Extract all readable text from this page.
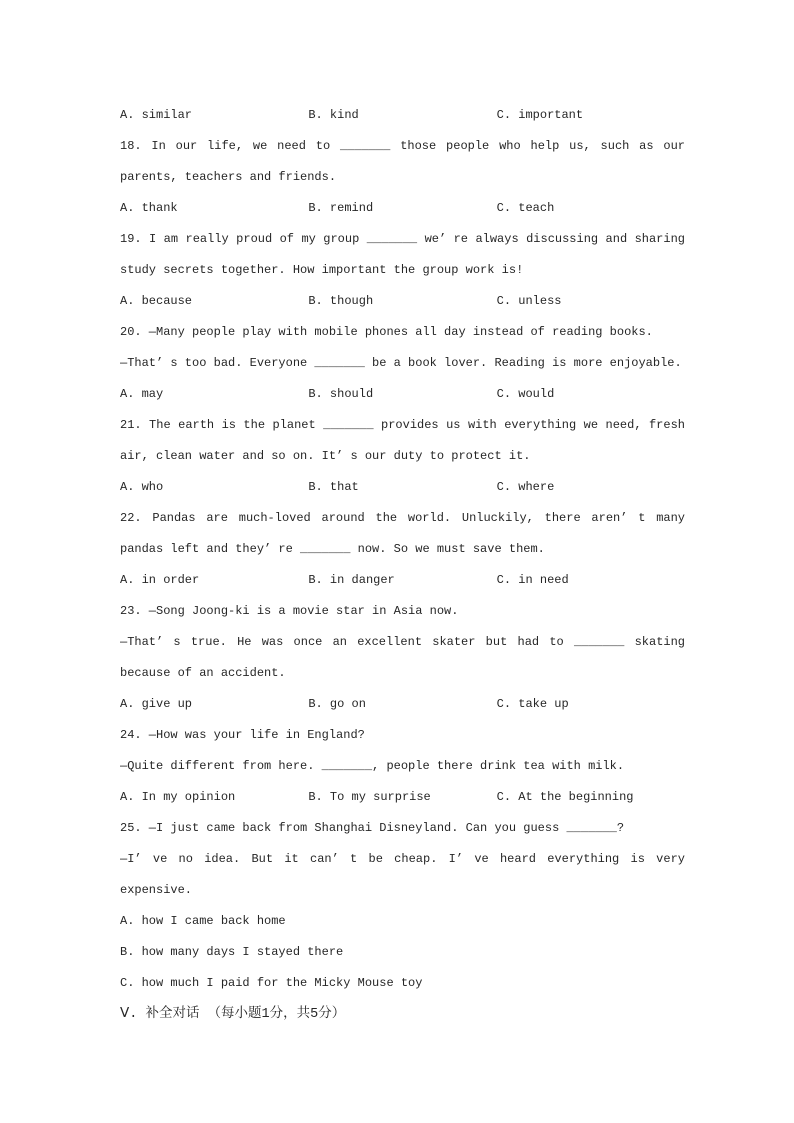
A. similar	B. kind	C. important
18. In our life, we need to _______ those people who help us, such as our
parents, teachers and friends.
A. thank	B. remind	C. teach
19. I am really proud of my group _______ we’ re always discussing and sharing
study secrets together. How important the group work is!
A. because	B. though	C. unless
20. —Many people play with mobile phones all day instead of reading books.
—That’ s too bad. Everyone _______ be a book lover. Reading is more enjoyable.
A. may	B. should	C. would
21. The earth is the planet _______ provides us with everything we need, fresh
air, clean water and so on. It’ s our duty to protect it.
A. who	B. that	C. where
22. Pandas are much-loved around the world. Unluckily, there aren’ t many
pandas left and they’ re _______ now. So we must save them.
A. in order	B. in danger	C. in need
23. —Song Joong-ki is a movie star in Asia now.
—That’ s true. He was once an excellent skater but had to _______ skating
because of an accident.
A. give up	B. go on	C. take up
24. —How was your life in England?
—Quite different from here. _______, people there drink tea with milk.
A. In my opinion	B. To my surprise	C. At the beginning
25. —I just came back from Shanghai Disneyland. Can you guess _______?
—I’ ve no idea. But it can’ t be cheap. I’ ve heard everything is very
expensive.
A. how I came back home
B. how many days I stayed there
C. how much I paid for the Micky Mouse toy
Ⅴ. 补全对话 （每小题1分，共5分）
